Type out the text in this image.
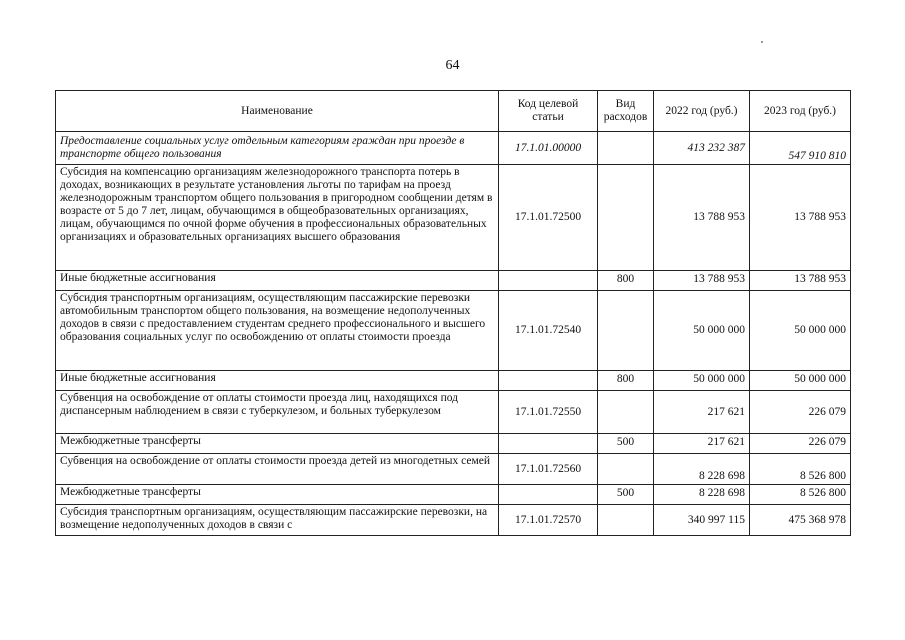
64
Наименование	Код целевой статьи	Вид расходов	2022 год (руб.)	2023 год (руб.)
Предоставление социальных услуг отдельным категориям граждан при проезде в транспорте общего пользования	17.1.01.00000		413 232 387	547 910 810
Субсидия на компенсацию организациям железнодорожного транспорта потерь в доходах, возникающих в результате установления льготы по тарифам на проезд железнодорожным транспортом общего пользования в пригородном сообщении детям в возрасте от 5 до 7 лет, лицам, обучающимся в общеобразовательных организациях, лицам, обучающимся по очной форме обучения в профессиональных образовательных организациях и образовательных организациях высшего образования	17.1.01.72500		13 788 953	13 788 953
Иные бюджетные ассигнования		800	13 788 953	13 788 953
Субсидия транспортным организациям, осуществляющим пассажирские перевозки автомобильным транспортом общего пользования, на возмещение недополученных доходов в связи с предоставлением студентам среднего профессионального и высшего образования социальных услуг по освобождению от оплаты стоимости проезда	17.1.01.72540		50 000 000	50 000 000
Иные бюджетные ассигнования		800	50 000 000	50 000 000
Субвенция на освобождение от оплаты стоимости проезда лиц, находящихся под диспансерным наблюдением в связи с туберкулезом, и больных туберкулезом	17.1.01.72550		217 621	226 079
Межбюджетные трансферты		500	217 621	226 079
Субвенция на освобождение от оплаты стоимости проезда детей из многодетных семей	17.1.01.72560		8 228 698	8 526 800
Межбюджетные трансферты		500	8 228 698	8 526 800
Субсидия транспортным организациям, осуществляющим пассажирские перевозки, на возмещение недополученных доходов в связи с	17.1.01.72570		340 997 115	475 368 978
